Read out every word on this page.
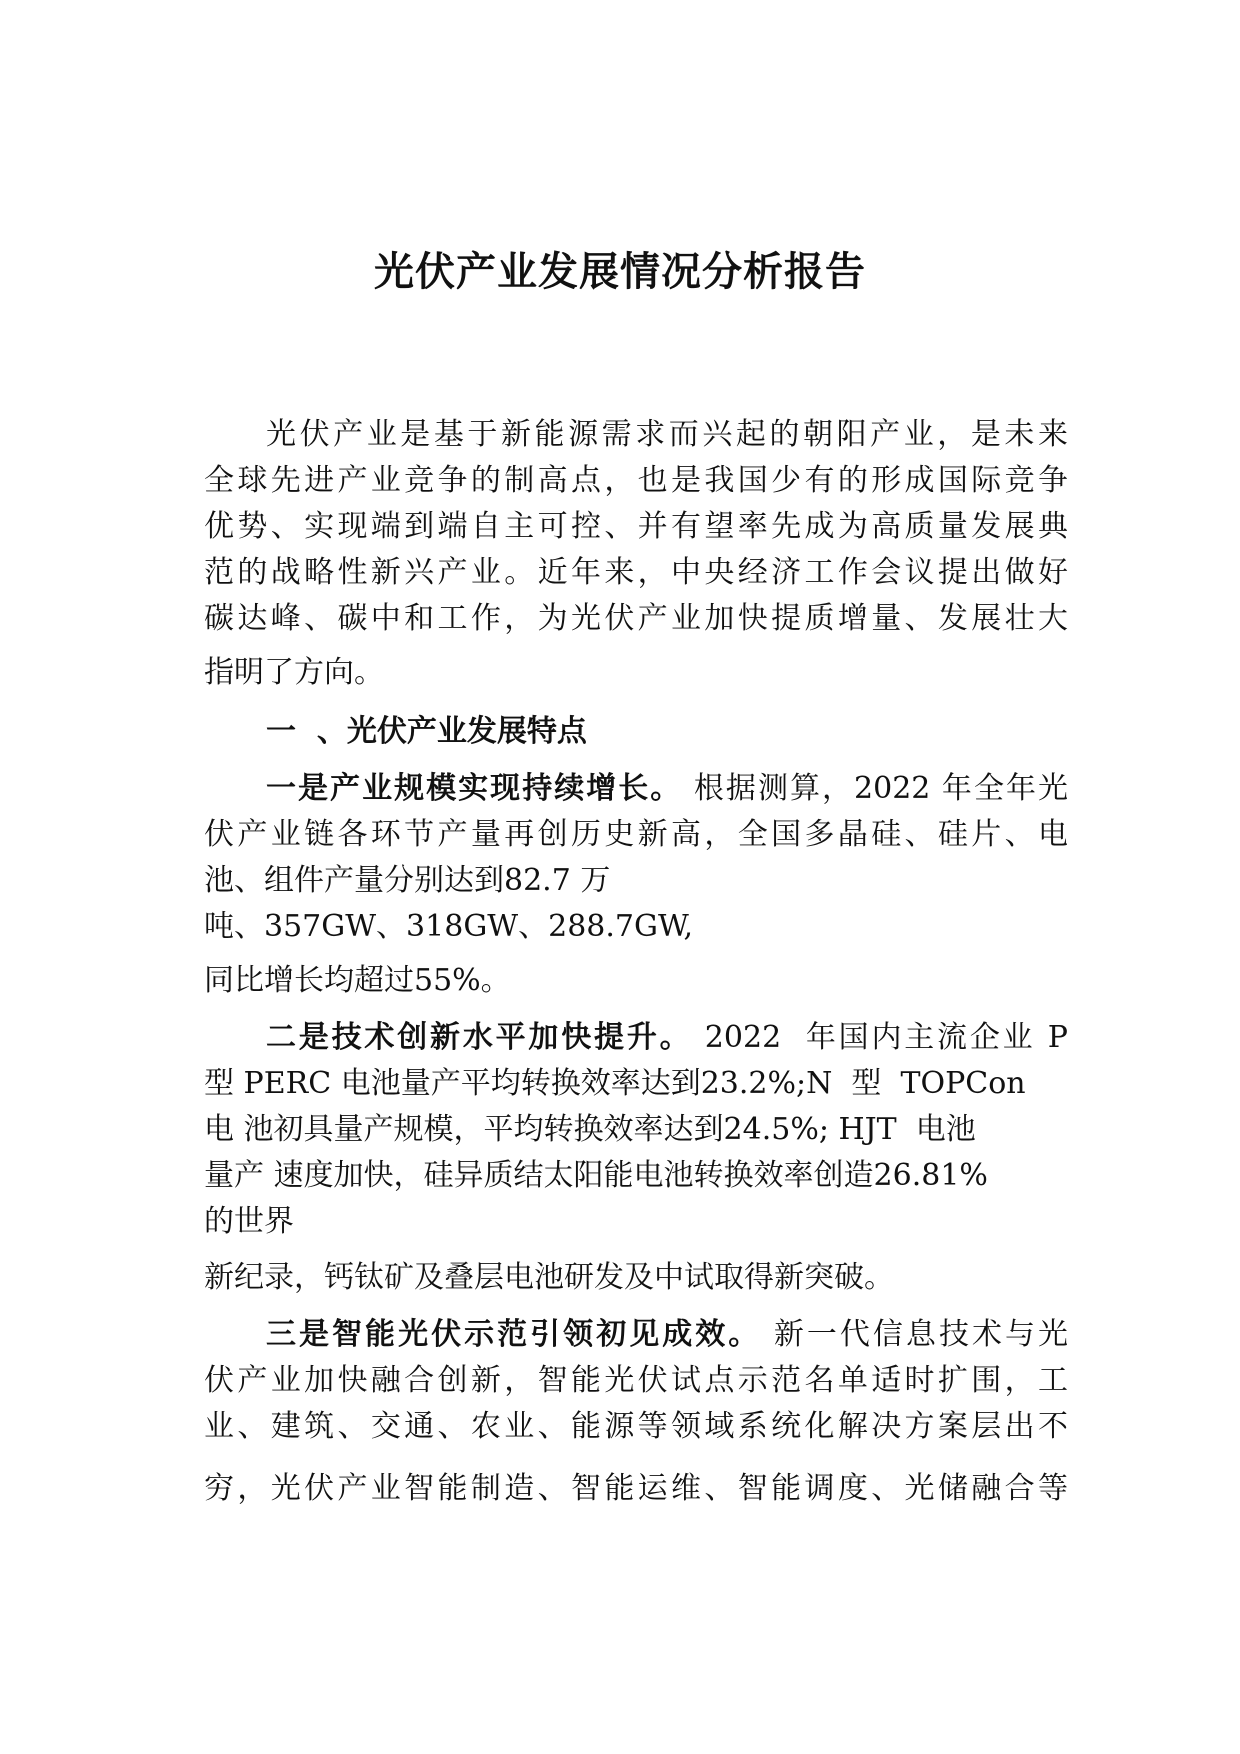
光伏产业发展情况分析报告
光伏产业是基于新能源需求而兴起的朝阳产业，是未来
全球先进产业竞争的制高点，也是我国少有的形成国际竞争
优势、实现端到端自主可控、并有望率先成为高质量发展典
范的战略性新兴产业。近年来，中央经济工作会议提出做好
碳达峰、碳中和工作，为光伏产业加快提质增量、发展壮大
指明了方向。
一  、光伏产业发展特点
一是产业规模实现持续增长。 根据测算，2022 年全年光
伏产业链各环节产量再创历史新高，全国多晶硅、硅片、电
池、组件产量分别达到82.7 万
吨、357GW、318GW、288.7GW,
同比增长均超过55%。
二是技术创新水平加快提升。 2022  年国内主流企业 P
型 PERC 电池量产平均转换效率达到23.2%;N  型  TOPCon
电 池初具量产规模，平均转换效率达到24.5%; HJT  电池
量产 速度加快，硅异质结太阳能电池转换效率创造26.81%
的世界
新纪录，钙钛矿及叠层电池研发及中试取得新突破。
三是智能光伏示范引领初见成效。 新一代信息技术与光
伏产业加快融合创新，智能光伏试点示范名单适时扩围，工
业、建筑、交通、农业、能源等领域系统化解决方案层出不
穷，光伏产业智能制造、智能运维、智能调度、光储融合等
